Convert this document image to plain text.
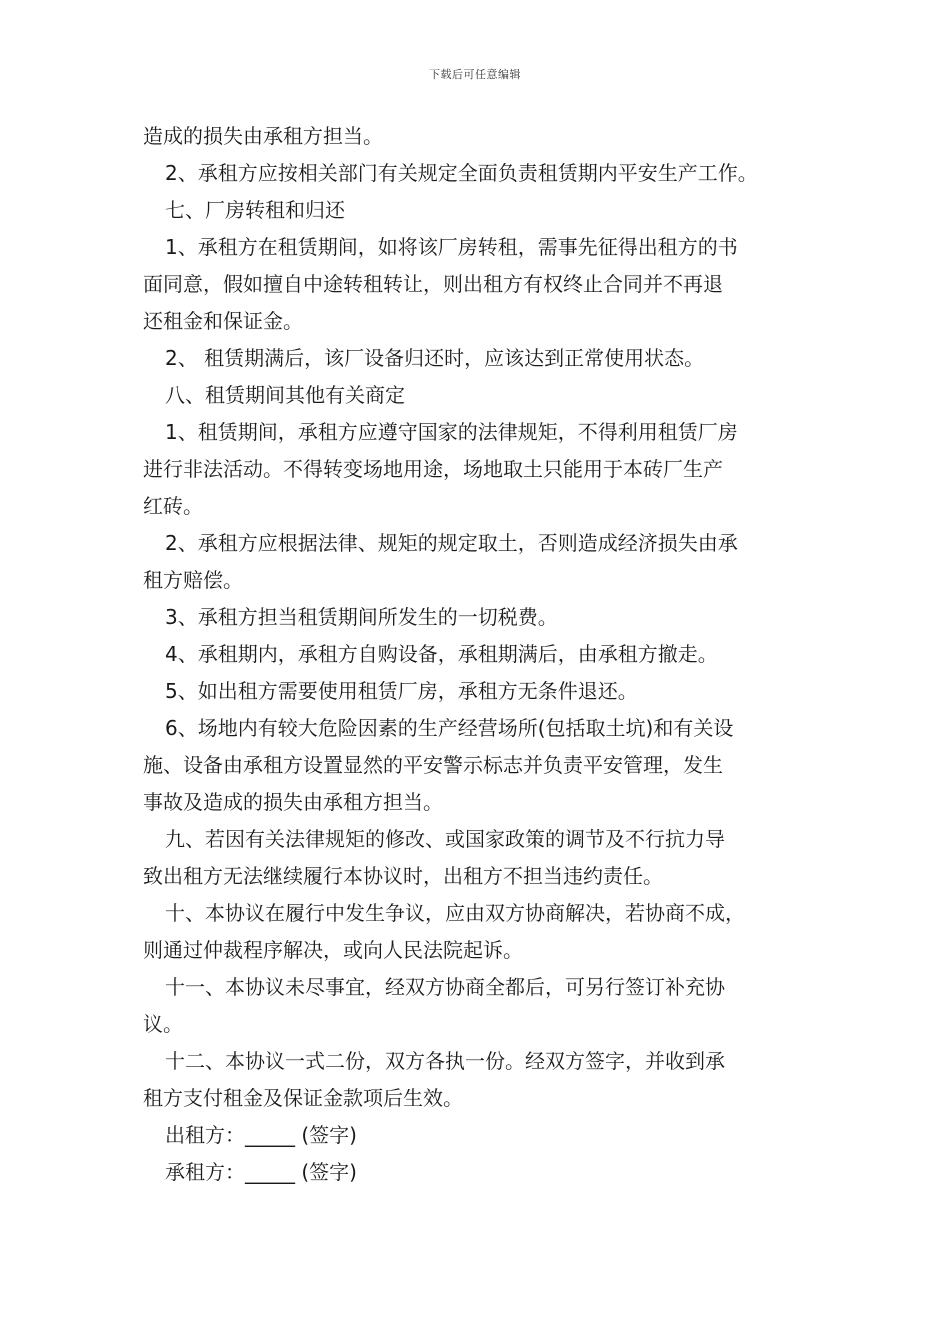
下载后可任意编辑
造成的损失由承租方担当。
2、承租方应按相关部门有关规定全面负责租赁期内平安生产工作。
七、厂房转租和归还
1、承租方在租赁期间，如将该厂房转租，需事先征得出租方的书
面同意，假如擅自中途转租转让，则出租方有权终止合同并不再退
还租金和保证金。
2、 租赁期满后，该厂设备归还时，应该达到正常使用状态。
八、租赁期间其他有关商定
1、租赁期间，承租方应遵守国家的法律规矩，不得利用租赁厂房
进行非法活动。不得转变场地用途，场地取土只能用于本砖厂生产
红砖。
2、承租方应根据法律、规矩的规定取土，否则造成经济损失由承
租方赔偿。
3、承租方担当租赁期间所发生的一切税费。
4、承租期内，承租方自购设备，承租期满后，由承租方撤走。
5、如出租方需要使用租赁厂房，承租方无条件退还。
6、场地内有较大危险因素的生产经营场所(包括取土坑)和有关设
施、设备由承租方设置显然的平安警示标志并负责平安管理，发生
事故及造成的损失由承租方担当。
九、若因有关法律规矩的修改、或国家政策的调节及不行抗力导
致出租方无法继续履行本协议时，出租方不担当违约责任。
十、本协议在履行中发生争议，应由双方协商解决，若协商不成，
则通过仲裁程序解决，或向人民法院起诉。
十一、本协议未尽事宜，经双方协商全都后，可另行签订补充协
议。
十二、本协议一式二份，双方各执一份。经双方签字，并收到承
租方支付租金及保证金款项后生效。
出租方：_____ (签字)
承租方：_____ (签字)
